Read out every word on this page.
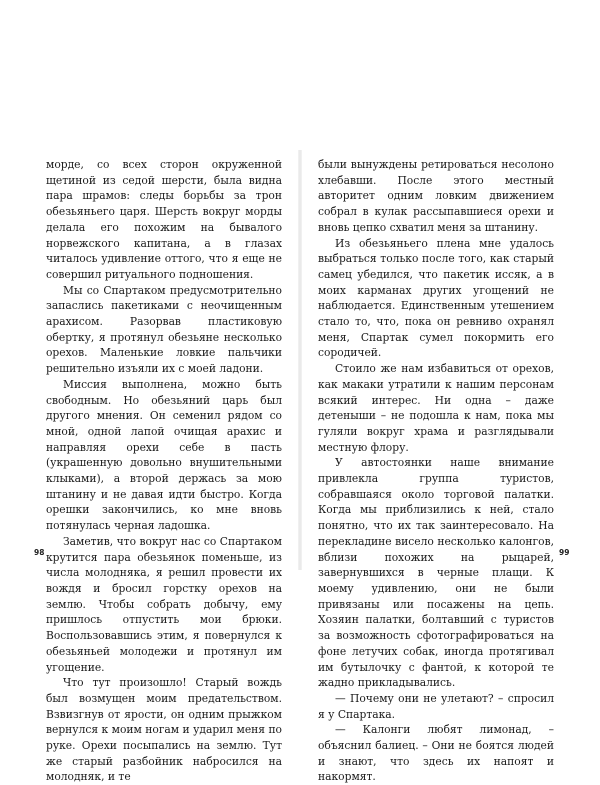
морде, со всех сторон окруженной щетиной из седой шерсти, была видна пара шрамов: следы борьбы за трон обезьяньего царя. Шерсть вокруг морды делала его похожим на бывалого норвежского капитана, а в глазах читалось удивление оттого, что я еще не совершил ритуального подношения.

Мы со Спартаком предусмотрительно запаслись пакетиками с неочищенным арахисом. Разорвав пластиковую обертку, я протянул обезьяне несколько орехов. Маленькие ловкие пальчики решительно изъяли их с моей ладони.

Миссия выполнена, можно быть свободным. Но обезьяний царь был другого мнения. Он семенил рядом со мной, одной лапой очищая арахис и направляя орехи себе в пасть (украшенную довольно внушительными клыками), а второй держась за мою штанину и не давая идти быстро. Когда орешки закончились, ко мне вновь потянулась черная ладошка.

Заметив, что вокруг нас со Спартаком крутится пара обезьянок поменьше, из числа молодняка, я решил провести их вождя и бросил горстку орехов на землю. Чтобы собрать добычу, ему пришлось отпустить мои брюки. Воспользовавшись этим, я повернулся к обезьяньей молодежи и протянул им угощение.

Что тут произошло! Старый вождь был возмущен моим предательством. Взвизгнув от ярости, он одним прыжком вернулся к моим ногам и ударил меня по руке. Орехи посыпались на землю. Тут же старый разбойник набросился на молодняк, и те

98

были вынуждены ретироваться несолоно хлебавши. После этого местный авторитет одним ловким движением собрал в кулак рассыпавшиеся орехи и вновь цепко схватил меня за штанину.

Из обезьяньего плена мне удалось выбраться только после того, как старый самец убедился, что пакетик иссяк, а в моих карманах других угощений не наблюдается. Единственным утешением стало то, что, пока он ревниво охранял меня, Спартак сумел покормить его сородичей.

Стоило же нам избавиться от орехов, как макаки утратили к нашим персонам всякий интерес. Ни одна – даже детеныши – не подошла к нам, пока мы гуляли вокруг храма и разглядывали местную флору.

У автостоянки наше внимание привлекла группа туристов, собравшаяся около торговой палатки. Когда мы приблизились к ней, стало понятно, что их так заинтересовало. На перекладине висело несколько калонгов, вблизи похожих на рыцарей, завернувшихся в черные плащи. К моему удивлению, они не были привязаны или посажены на цепь. Хозяин палатки, болтавший с туристов за возможность сфотографироваться на фоне летучих собак, иногда протягивал им бутылочку с фантой, к которой те жадно прикладывались.

— Почему они не улетают? – спросил я у Спартака.

— Калонги любят лимонад, – объяснил балиец. – Они не боятся людей и знают, что здесь их напоят и накормят.

99
